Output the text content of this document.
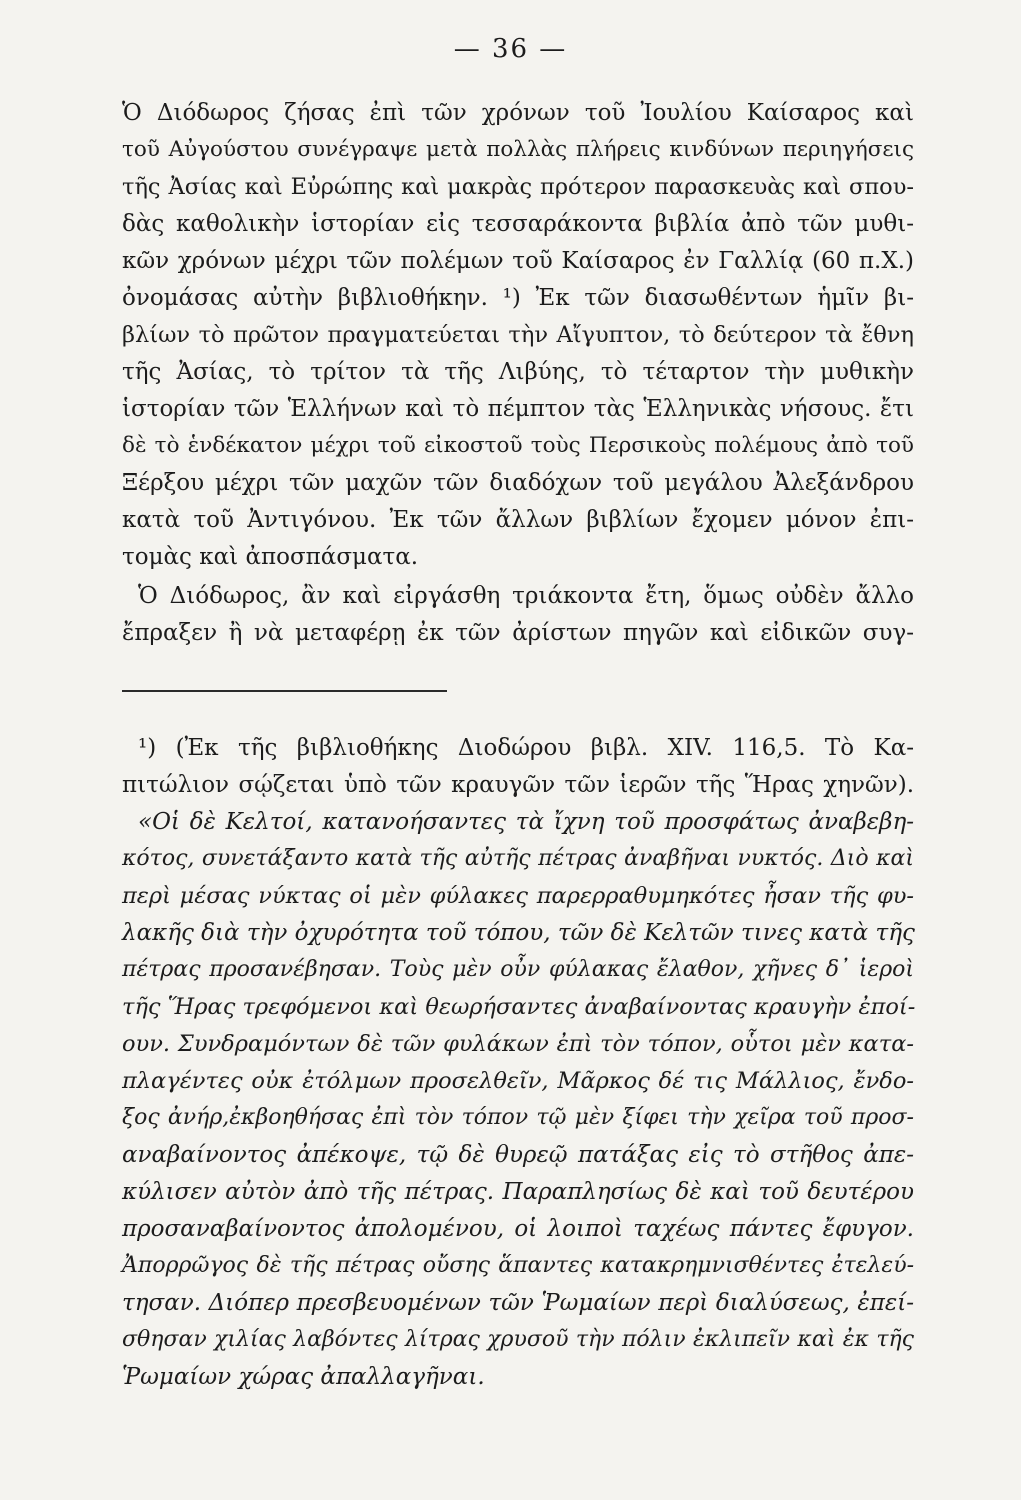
— 36 —
Ὁ Διόδωρος ζήσας ἐπὶ τῶν χρόνων τοῦ Ἰουλίου Καίσαρος καὶ
τοῦ Αὐγούστου συνέγραψε μετὰ πολλὰς πλήρεις κινδύνων περιηγήσεις
τῆς Ἀσίας καὶ Εὐρώπης καὶ μακρὰς πρότερον παρασκευὰς καὶ σπου-
δὰς καθολικὴν ἱστορίαν εἰς τεσσαράκοντα βιβλία ἀπὸ τῶν μυθι-
κῶν χρόνων μέχρι τῶν πολέμων τοῦ Καίσαρος ἐν Γαλλίᾳ (60 π.Χ.)
ὀνομάσας αὐτὴν βιβλιοθήκην. ¹) Ἐκ τῶν διασωθέντων ἡμῖν βι-
βλίων τὸ πρῶτον πραγματεύεται τὴν Αἴγυπτον, τὸ δεύτερον τὰ ἔθνη
τῆς Ἀσίας, τὸ τρίτον τὰ τῆς Λιβύης, τὸ τέταρτον τὴν μυθικὴν
ἱστορίαν τῶν Ἑλλήνων καὶ τὸ πέμπτον τὰς Ἑλληνικὰς νήσους. ἔτι
δὲ τὸ ἑνδέκατον μέχρι τοῦ εἰκοστοῦ τοὺς Περσικοὺς πολέμους ἀπὸ τοῦ
Ξέρξου μέχρι τῶν μαχῶν τῶν διαδόχων τοῦ μεγάλου Ἀλεξάνδρου
κατὰ τοῦ Ἀντιγόνου. Ἐκ τῶν ἄλλων βιβλίων ἔχομεν μόνον ἐπι-
τομὰς καὶ ἀποσπάσματα.
Ὁ Διόδωρος, ἂν καὶ εἰργάσθη τριάκοντα ἔτη, ὅμως οὐδὲν ἄλλο
ἔπραξεν ἢ νὰ μεταφέρῃ ἐκ τῶν ἀρίστων πηγῶν καὶ εἰδικῶν συγ-
¹) (Ἐκ τῆς βιβλιοθήκης Διοδώρου βιβλ. XIV. 116,5. Τὸ Κα-
πιτώλιον σῴζεται ὑπὸ τῶν κραυγῶν τῶν ἱερῶν τῆς Ἥρας χηνῶν).
«Οἱ δὲ Κελτοί, κατανοήσαντες τὰ ἴχνη τοῦ προσφάτως ἀναβεβη-
κότος, συνετάξαντο κατὰ τῆς αὐτῆς πέτρας ἀναβῆναι νυκτός. Διὸ καὶ
περὶ μέσας νύκτας οἱ μὲν φύλακες παρερραθυμηκότες ἦσαν τῆς φυ-
λακῆς διὰ τὴν ὀχυρότητα τοῦ τόπου, τῶν δὲ Κελτῶν τινες κατὰ τῆς
πέτρας προσανέβησαν. Τοὺς μὲν οὖν φύλακας ἔλαθον, χῆνες δ᾽ ἱεροὶ
τῆς Ἥρας τρεφόμενοι καὶ θεωρήσαντες ἀναβαίνοντας κραυγὴν ἐποί-
ουν. Συνδραμόντων δὲ τῶν φυλάκων ἐπὶ τὸν τόπον, οὗτοι μὲν κατα-
πλαγέντες οὐκ ἐτόλμων προσελθεῖν, Μᾶρκος δέ τις Μάλλιος, ἔνδο-
ξος ἀνήρ,ἐκβοηθήσας ἐπὶ τὸν τόπον τῷ μὲν ξίφει τὴν χεῖρα τοῦ προσ-
αναβαίνοντος ἀπέκοψε, τῷ δὲ θυρεῷ πατάξας εἰς τὸ στῆθος ἀπε-
κύλισεν αὐτὸν ἀπὸ τῆς πέτρας. Παραπλησίως δὲ καὶ τοῦ δευτέρου
προσαναβαίνοντος ἀπολομένου, οἱ λοιποὶ ταχέως πάντες ἔφυγον.
Ἀπορρῶγος δὲ τῆς πέτρας οὔσης ἅπαντες κατακρημνισθέντες ἐτελεύ-
τησαν. Διόπερ πρεσβευομένων τῶν Ῥωμαίων περὶ διαλύσεως, ἐπεί-
σθησαν χιλίας λαβόντες λίτρας χρυσοῦ τὴν πόλιν ἐκλιπεῖν καὶ ἐκ τῆς
Ῥωμαίων χώρας ἀπαλλαγῆναι.
